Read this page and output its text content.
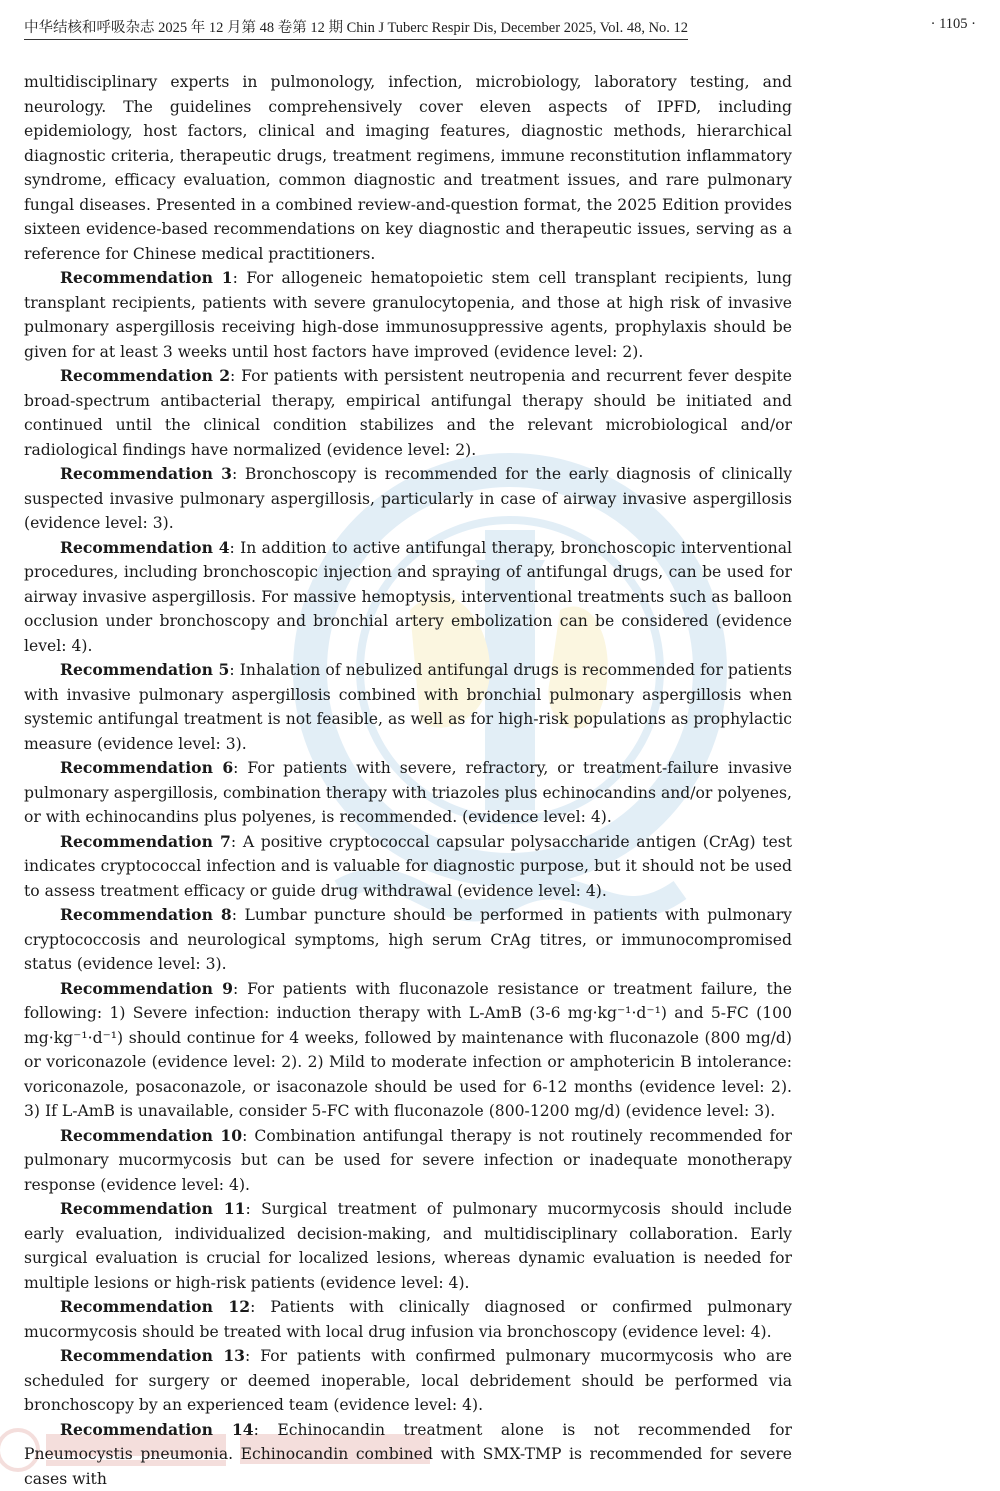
中华结核和呼吸杂志 2025 年 12 月第 48 卷第 12 期 Chin J Tuberc Respir Dis, December 2025, Vol. 48, No. 12	· 1105 ·

multidisciplinary experts in pulmonology, infection, microbiology, laboratory testing, and neurology. The guidelines comprehensively cover eleven aspects of IPFD, including epidemiology, host factors, clinical and imaging features, diagnostic methods, hierarchical diagnostic criteria, therapeutic drugs, treatment regimens, immune reconstitution inflammatory syndrome, efficacy evaluation, common diagnostic and treatment issues, and rare pulmonary fungal diseases. Presented in a combined review-and-question format, the 2025 Edition provides sixteen evidence-based recommendations on key diagnostic and therapeutic issues, serving as a reference for Chinese medical practitioners.

Recommendation 1: For allogeneic hematopoietic stem cell transplant recipients, lung transplant recipients, patients with severe granulocytopenia, and those at high risk of invasive pulmonary aspergillosis receiving high-dose immunosuppressive agents, prophylaxis should be given for at least 3 weeks until host factors have improved (evidence level: 2).

Recommendation 2: For patients with persistent neutropenia and recurrent fever despite broad-spectrum antibacterial therapy, empirical antifungal therapy should be initiated and continued until the clinical condition stabilizes and the relevant microbiological and/or radiological findings have normalized (evidence level: 2).

Recommendation 3: Bronchoscopy is recommended for the early diagnosis of clinically suspected invasive pulmonary aspergillosis, particularly in case of airway invasive aspergillosis (evidence level: 3).

Recommendation 4: In addition to active antifungal therapy, bronchoscopic interventional procedures, including bronchoscopic injection and spraying of antifungal drugs, can be used for airway invasive aspergillosis. For massive hemoptysis, interventional treatments such as balloon occlusion under bronchoscopy and bronchial artery embolization can be considered (evidence level: 4).

Recommendation 5: Inhalation of nebulized antifungal drugs is recommended for patients with invasive pulmonary aspergillosis combined with bronchial pulmonary aspergillosis when systemic antifungal treatment is not feasible, as well as for high-risk populations as prophylactic measure (evidence level: 3).

Recommendation 6: For patients with severe, refractory, or treatment-failure invasive pulmonary aspergillosis, combination therapy with triazoles plus echinocandins and/or polyenes, or with echinocandins plus polyenes, is recommended. (evidence level: 4).

Recommendation 7: A positive cryptococcal capsular polysaccharide antigen (CrAg) test indicates cryptococcal infection and is valuable for diagnostic purpose, but it should not be used to assess treatment efficacy or guide drug withdrawal (evidence level: 4).

Recommendation 8: Lumbar puncture should be performed in patients with pulmonary cryptococcosis and neurological symptoms, high serum CrAg titres, or immunocompromised status (evidence level: 3).

Recommendation 9: For patients with fluconazole resistance or treatment failure, the following: 1) Severe infection: induction therapy with L-AmB (3-6 mg·kg⁻¹·d⁻¹) and 5-FC (100 mg·kg⁻¹·d⁻¹) should continue for 4 weeks, followed by maintenance with fluconazole (800 mg/d) or voriconazole (evidence level: 2). 2) Mild to moderate infection or amphotericin B intolerance: voriconazole, posaconazole, or isaconazole should be used for 6-12 months (evidence level: 2). 3) If L-AmB is unavailable, consider 5-FC with fluconazole (800-1200 mg/d) (evidence level: 3).

Recommendation 10: Combination antifungal therapy is not routinely recommended for pulmonary mucormycosis but can be used for severe infection or inadequate monotherapy response (evidence level: 4).

Recommendation 11: Surgical treatment of pulmonary mucormycosis should include early evaluation, individualized decision-making, and multidisciplinary collaboration. Early surgical evaluation is crucial for localized lesions, whereas dynamic evaluation is needed for multiple lesions or high-risk patients (evidence level: 4).

Recommendation 12: Patients with clinically diagnosed or confirmed pulmonary mucormycosis should be treated with local drug infusion via bronchoscopy (evidence level: 4).

Recommendation 13: For patients with confirmed pulmonary mucormycosis who are scheduled for surgery or deemed inoperable, local debridement should be performed via bronchoscopy by an experienced team (evidence level: 4).

Recommendation 14: Echinocandin treatment alone is not recommended for Pneumocystis pneumonia. Echinocandin combined with SMX-TMP is recommended for severe cases with
